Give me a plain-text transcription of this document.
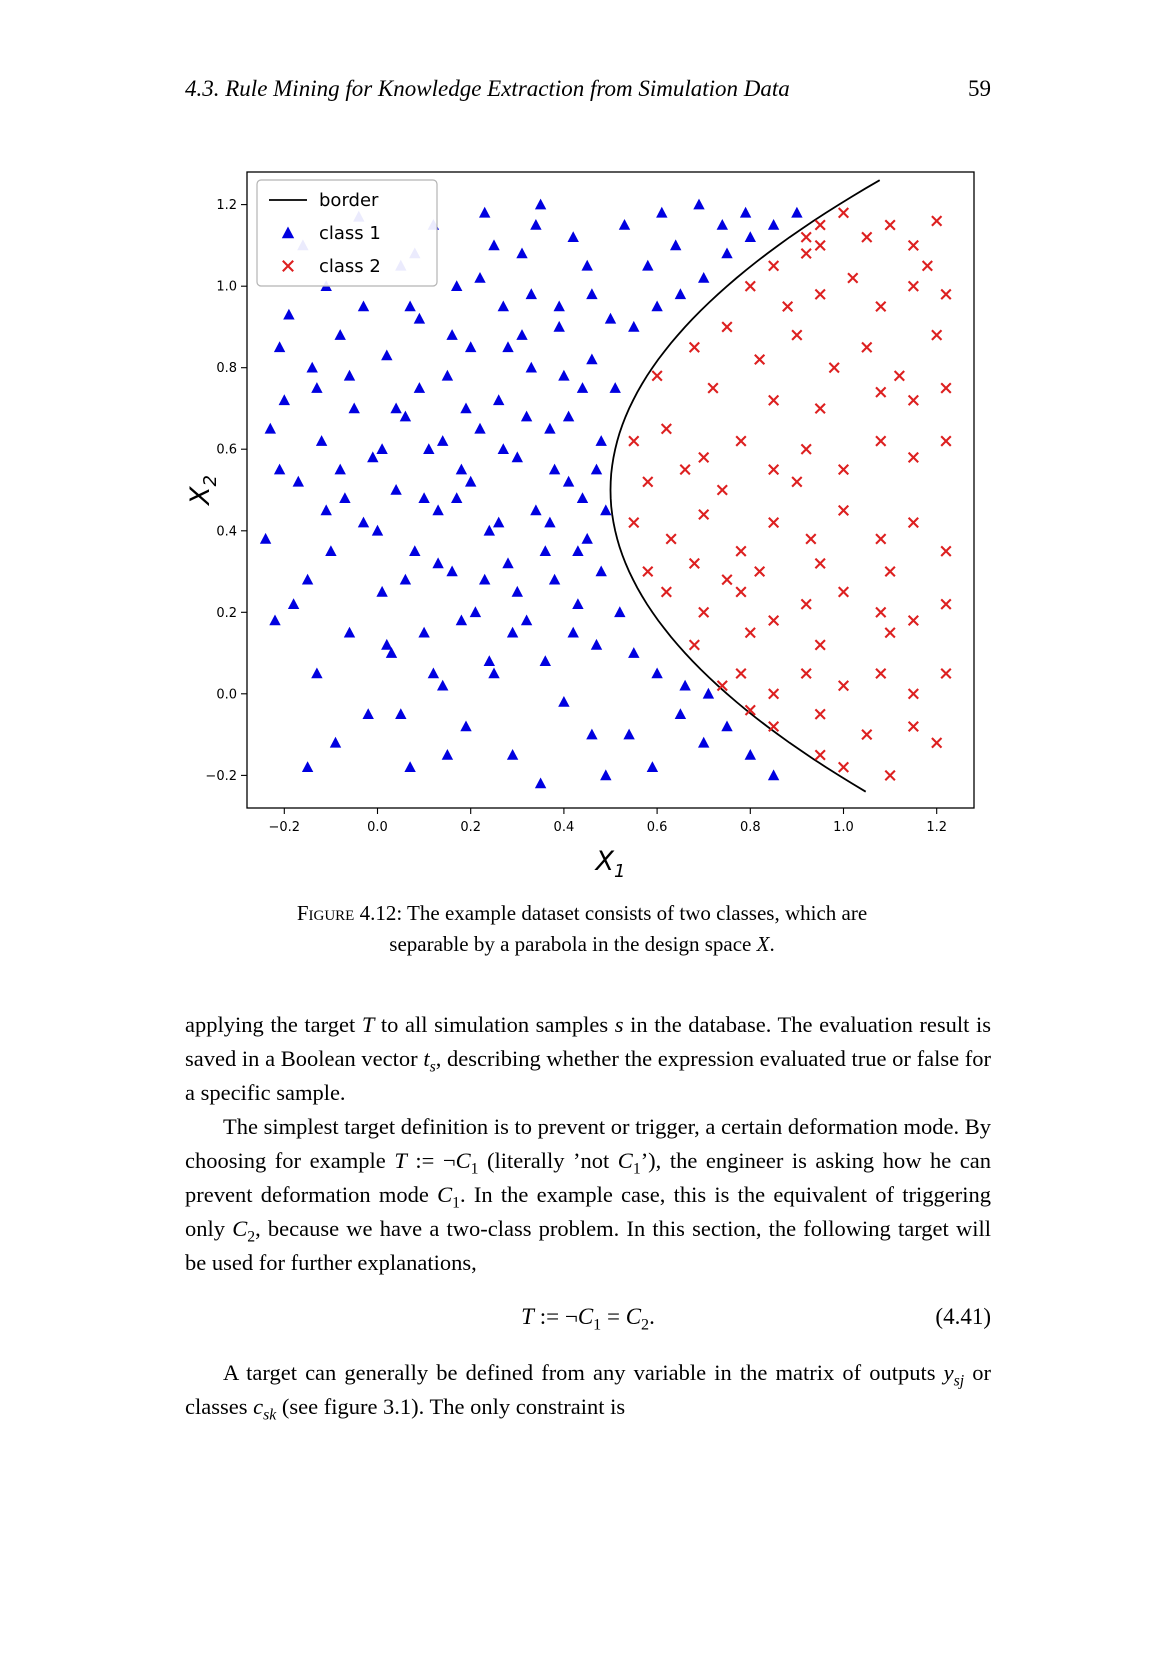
4.3. Rule Mining for Knowledge Extraction from Simulation Data	59
−0.2	0.0	0.2	0.4	0.6	0.8	1.0	1.2
−0.2
0.0
0.2
0.4
0.6
0.8
1.0
1.2	border
class 1
class 2
$X_1$
$X_2$
Figure 4.12: The example dataset consists of two classes, which are separable by a parabola in the design space X.

applying the target T to all simulation samples s in the database. The evaluation result is saved in a Boolean vector $t_s$, describing whether the expression evaluated true or false for a specific sample.

The simplest target definition is to prevent or trigger, a certain deformation mode. By choosing for example T := $\neg C_1$ (literally ’not $C_1$’), the engineer is asking how he can prevent deformation mode $C_1$. In the example case, this is the equivalent of triggering only $C_2$, because we have a two-class problem. In this section, the following target will be used for further explanations,

T := $\neg C_1 = C_2$.	(4.41)

A target can generally be defined from any variable in the matrix of outputs $y_{sj}$ or classes $c_{sk}$ (see figure 3.1). The only constraint is
